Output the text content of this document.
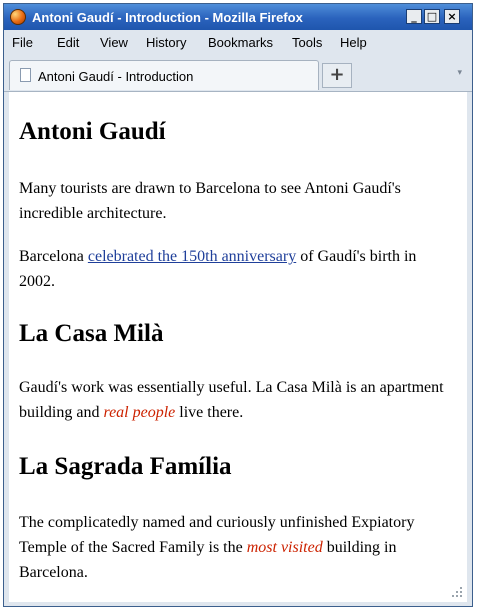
Antoni Gaudí - Introduction - Mozilla Firefox	_ □ ×
File Edit View History Bookmarks Tools Help
Antoni Gaudí - Introduction	+	▾
Antoni Gaudí

Many tourists are drawn to Barcelona to see Antoni Gaudí's incredible architecture.

Barcelona celebrated the 150th anniversary of Gaudí's birth in 2002.

La Casa Milà

Gaudí's work was essentially useful. La Casa Milà is an apartment building and real people live there.

La Sagrada Família

The complicatedly named and curiously unfinished Expiatory Temple of the Sacred Family is the most visited building in Barcelona.
